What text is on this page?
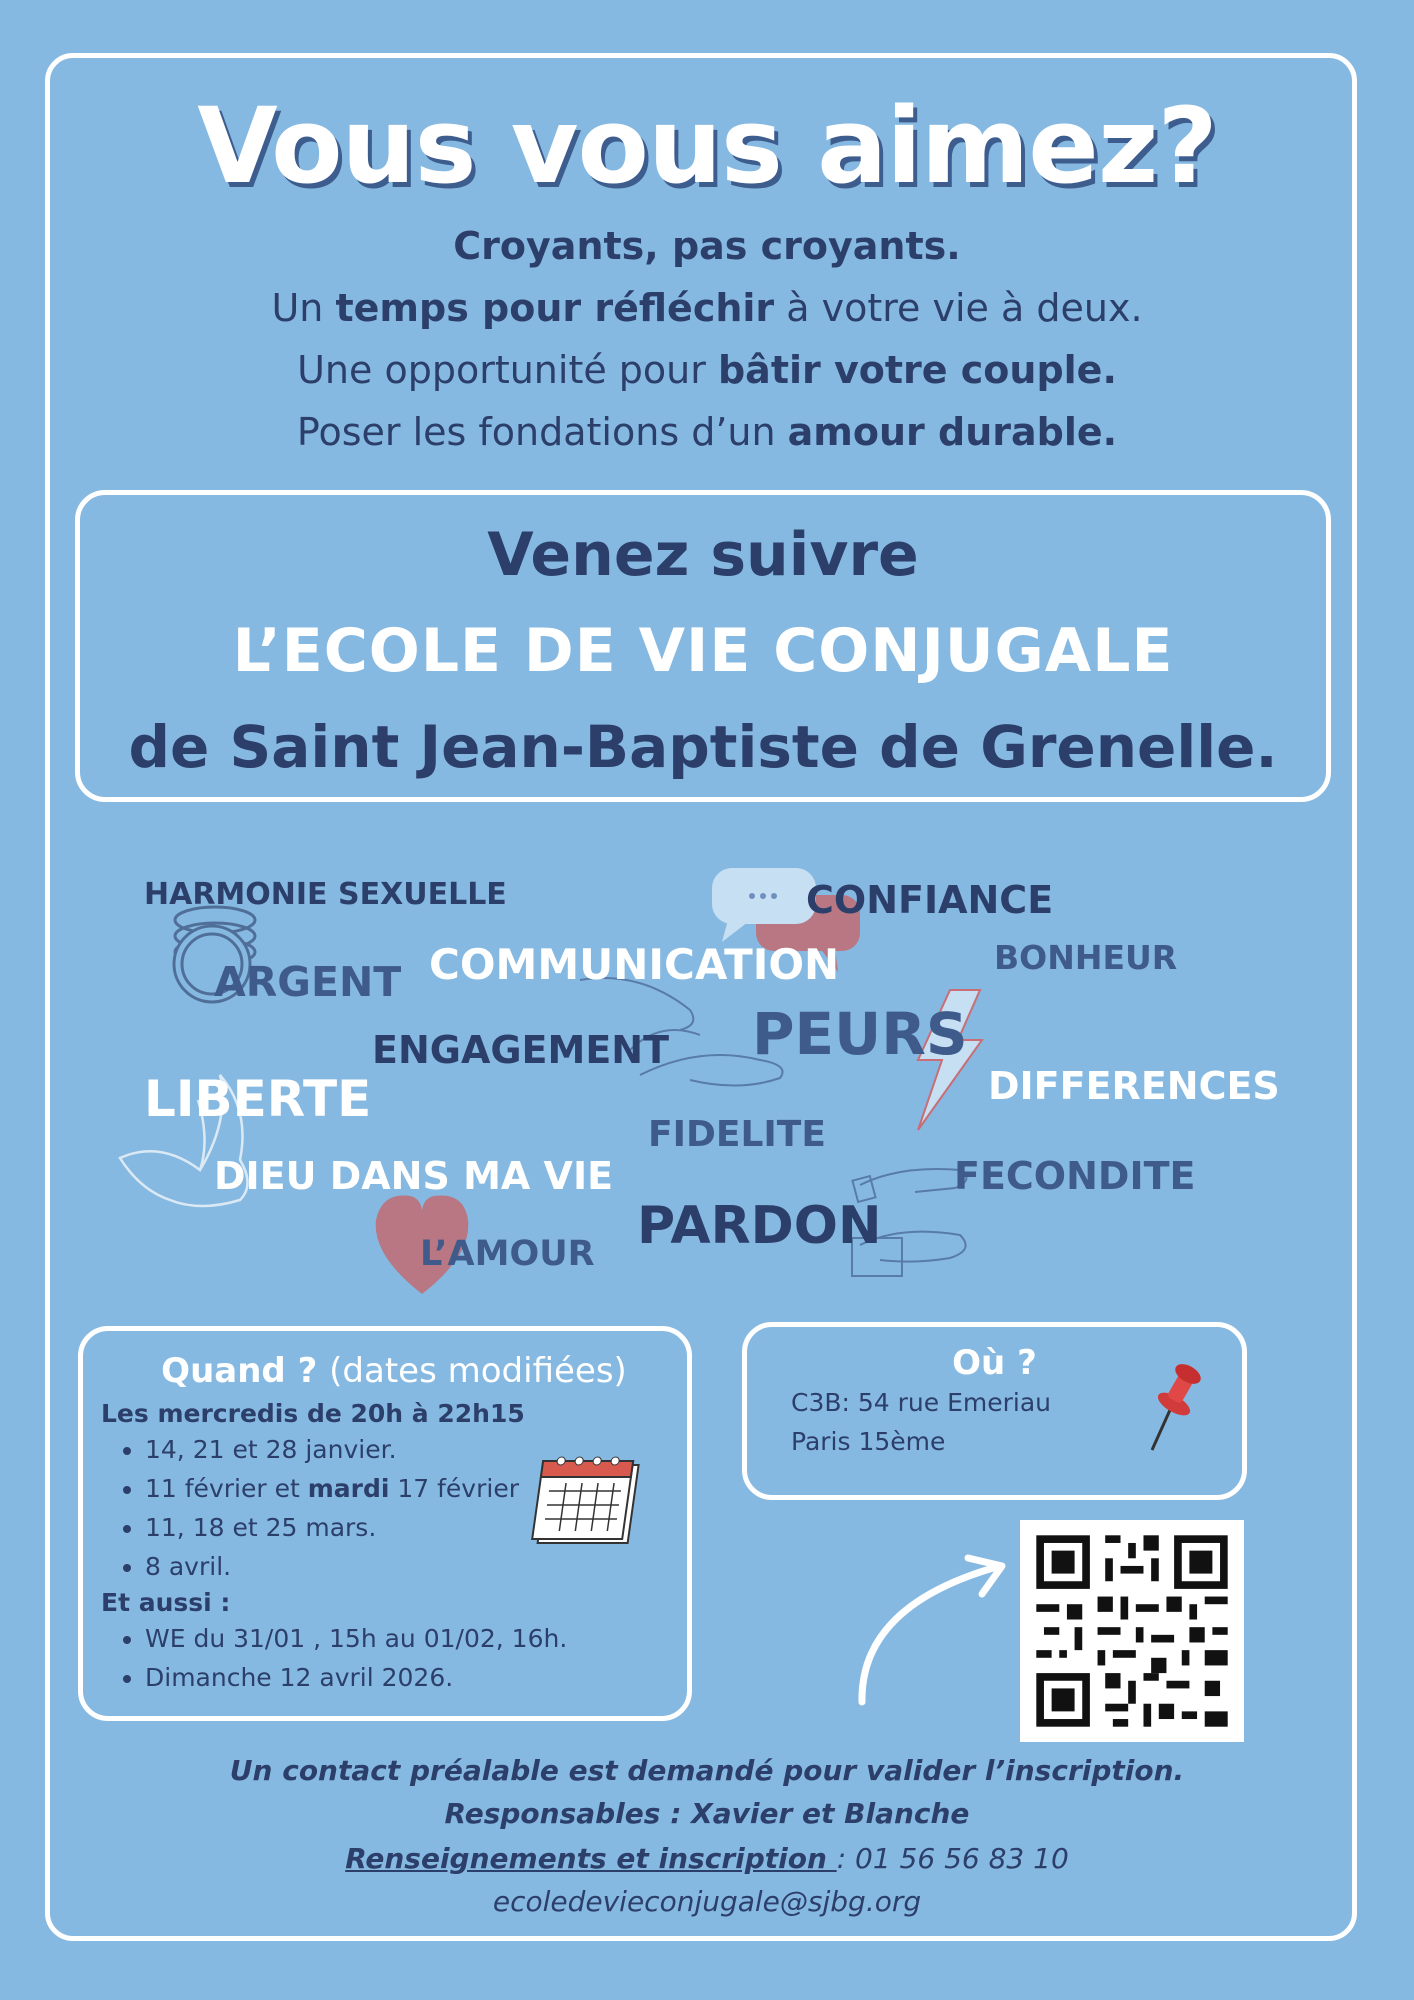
Vous vous aimez?
Croyants, pas croyants.
Un temps pour réfléchir à votre vie à deux.
Une opportunité pour bâtir votre couple.
Poser les fondations d’un amour durable.
Venez suivre
L’ECOLE DE VIE CONJUGALE
de Saint Jean-Baptiste de Grenelle.
HARMONIE SEXUELLE	CONFIANCE
BONHEUR
ARGENT COMMUNICATION
PEURS
ENGAGEMENT
DIFFERENCES
LIBERTE
FIDELITE
DIEU DANS MA VIE	FECONDITE
PARDON
L’AMOUR
Quand ? (dates modifiées)
Les mercredis de 20h à 22h15
• 14, 21 et 28 janvier.
• 11 février et mardi 17 février
• 11, 18 et 25 mars.
• 8 avril.
Et aussi :
• WE du 31/01 , 15h au 01/02, 16h.
• Dimanche 12 avril 2026.
Où ?
C3B: 54 rue Emeriau
Paris 15ème
Un contact préalable est demandé pour valider l’inscription.
Responsables : Xavier et Blanche
Renseignements et inscription : 01 56 56 83 10
ecoledevieconjugale@sjbg.org
